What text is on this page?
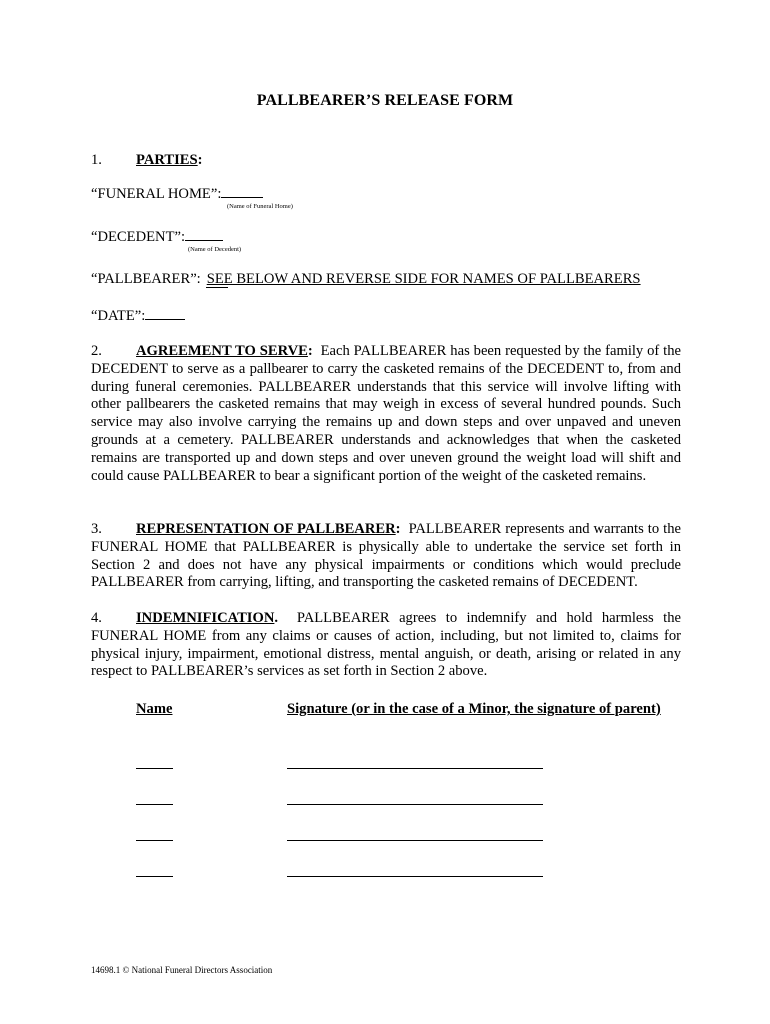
PALLBEARER’S RELEASE FORM
1. PARTIES:
“FUNERAL HOME”:
(Name of Funeral Home)
“DECEDENT”:
(Name of Decedent)
“PALLBEARER”: SEE BELOW AND REVERSE SIDE FOR NAMES OF PALLBEARERS
“DATE”:
2. AGREEMENT TO SERVE: Each PALLBEARER has been requested by the family of the DECEDENT to serve as a pallbearer to carry the casketed remains of the DECEDENT to, from and during funeral ceremonies. PALLBEARER understands that this service will involve lifting with other pallbearers the casketed remains that may weigh in excess of several hundred pounds. Such service may also involve carrying the remains up and down steps and over unpaved and uneven grounds at a cemetery. PALLBEARER understands and acknowledges that when the casketed remains are transported up and down steps and over uneven ground the weight load will shift and could cause PALLBEARER to bear a significant portion of the weight of the casketed remains.
3. REPRESENTATION OF PALLBEARER: PALLBEARER represents and warrants to the FUNERAL HOME that PALLBEARER is physically able to undertake the service set forth in Section 2 and does not have any physical impairments or conditions which would preclude PALLBEARER from carrying, lifting, and transporting the casketed remains of DECEDENT.
4. INDEMNIFICATION. PALLBEARER agrees to indemnify and hold harmless the FUNERAL HOME from any claims or causes of action, including, but not limited to, claims for physical injury, impairment, emotional distress, mental anguish, or death, arising or related in any respect to PALLBEARER’s services as set forth in Section 2 above.
Name	Signature (or in the case of a Minor, the signature of parent)
14698.1 © National Funeral Directors Association
